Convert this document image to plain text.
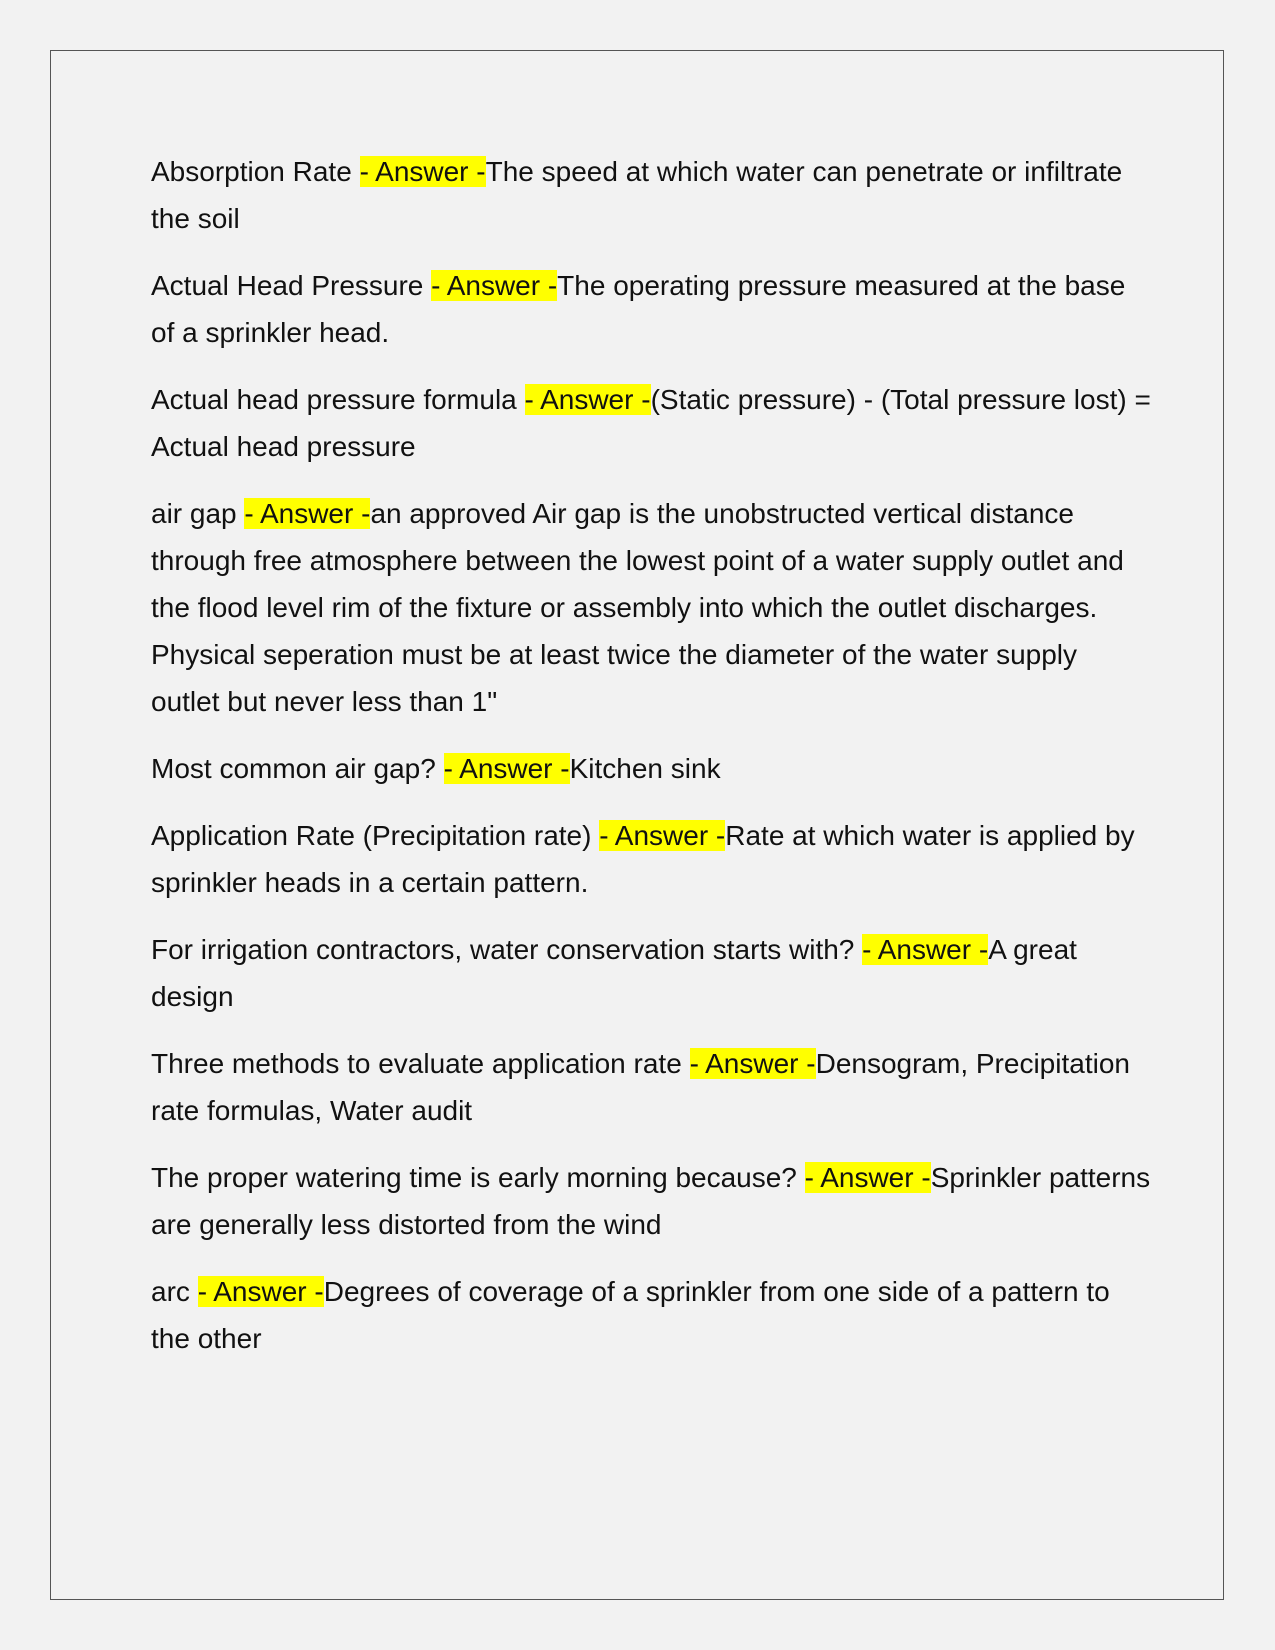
Absorption Rate - Answer -The speed at which water can penetrate or infiltrate the soil

Actual Head Pressure - Answer -The operating pressure measured at the base of a sprinkler head.

Actual head pressure formula - Answer -(Static pressure) - (Total pressure lost) = Actual head pressure

air gap - Answer -an approved Air gap is the unobstructed vertical distance through free atmosphere between the lowest point of a water supply outlet and the flood level rim of the fixture or assembly into which the outlet discharges. Physical seperation must be at least twice the diameter of the water supply outlet but never less than 1"

Most common air gap? - Answer -Kitchen sink

Application Rate (Precipitation rate) - Answer -Rate at which water is applied by sprinkler heads in a certain pattern.

For irrigation contractors, water conservation starts with? - Answer -A great design

Three methods to evaluate application rate - Answer -Densogram, Precipitation rate formulas, Water audit

The proper watering time is early morning because? - Answer -Sprinkler patterns are generally less distorted from the wind

arc - Answer -Degrees of coverage of a sprinkler from one side of a pattern to the other
